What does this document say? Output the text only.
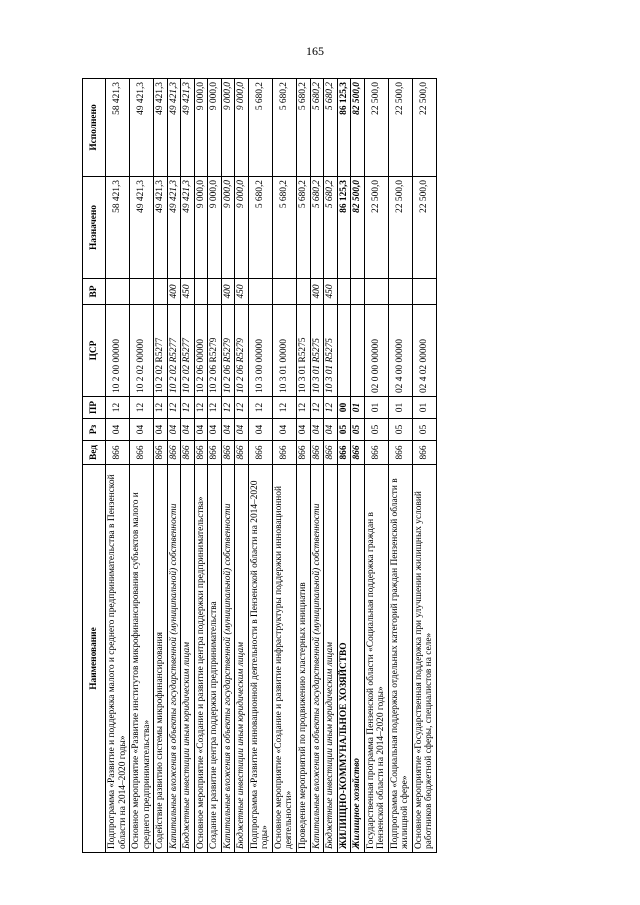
165
Наименование	Вед	Рз	ПР	ЦСР	ВР	Назначено	Исполнено
Подпрограмма «Развитие и поддержка малого и среднего предпринимательства в Пензенской области на 2014–2020 годы»	866	04	12	10 2 00 00000		58 421,3	58 421,3
Основное мероприятие «Развитие институтов микрофинансирования субъектов малого и среднего предпринимательства»	866	04	12	10 2 02 00000		49 421,3	49 421,3
Содействие развитию системы микрофинансирования	866	04	12	10 2 02 R5277		49 421,3	49 421,3
Капитальные вложения в объекты государственной (муниципальной) собственности	866	04	12	10 2 02 R5277	400	49 421,3	49 421,3
Бюджетные инвестиции иным юридическим лицам	866	04	12	10 2 02 R5277	450	49 421,3	49 421,3
Основное мероприятие «Создание и развитие центра поддержки предпринимательства»	866	04	12	10 2 06 00000		9 000,0	9 000,0
Создание и развитие центра поддержки предпринимательства	866	04	12	10 2 06 R5279		9 000,0	9 000,0
Капитальные вложения в объекты государственной (муниципальной) собственности	866	04	12	10 2 06 R5279	400	9 000,0	9 000,0
Бюджетные инвестиции иным юридическим лицам	866	04	12	10 2 06 R5279	450	9 000,0	9 000,0
Подпрограмма «Развитие инновационной деятельности в Пензенской области на 2014–2020 годы»	866	04	12	10 3 00 00000		5 680,2	5 680,2
Основное мероприятие «Создание и развитие инфраструктуры поддержки инновационной деятельности»	866	04	12	10 3 01 00000		5 680,2	5 680,2
Проведение мероприятий по продвижению кластерных инициатив	866	04	12	10 3 01 R5275		5 680,2	5 680,2
Капитальные вложения в объекты государственной (муниципальной) собственности	866	04	12	10 3 01 R5275	400	5 680,2	5 680,2
Бюджетные инвестиции иным юридическим лицам	866	04	12	10 3 01 R5275	450	5 680,2	5 680,2
ЖИЛИЩНО-КОММУНАЛЬНОЕ ХОЗЯЙСТВО	866	05	00			86 125,3	86 125,3
Жилищное хозяйство	866	05	01			82 500,0	82 500,0
Государственная программа Пензенской области «Социальная поддержка граждан в Пензенской области на 2014–2020 годы»	866	05	01	02 0 00 00000		22 500,0	22 500,0
Подпрограмма «Социальная поддержка отдельных категорий граждан Пензенской области в жилищной сфере»	866	05	01	02 4 00 00000		22 500,0	22 500,0
Основное мероприятие «Государственная поддержка при улучшении жилищных условий работников бюджетной сферы, специалистов на селе»	866	05	01	02 4 02 00000		22 500,0	22 500,0
